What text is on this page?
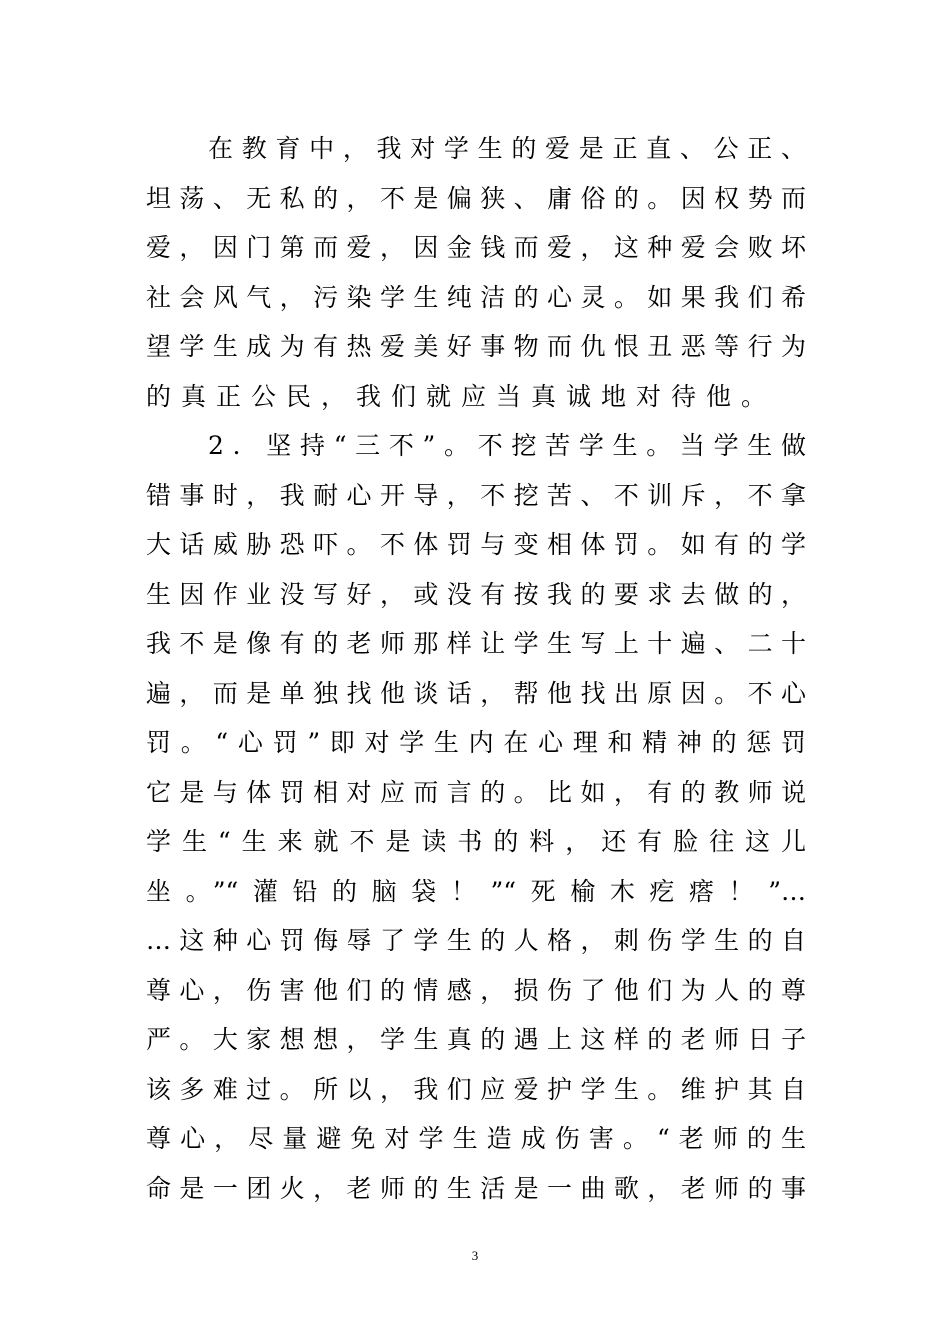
在教育中，我对学生的爱是正直、公正、
坦荡、无私的，不是偏狭、庸俗的。因权势而
爱，因门第而爱，因金钱而爱，这种爱会败坏
社会风气，污染学生纯洁的心灵。如果我们希
望学生成为有热爱美好事物而仇恨丑恶等行为
的真正公民，我们就应当真诚地对待他。
2．坚持“三不”。不挖苦学生。当学生做
错事时，我耐心开导，不挖苦、不训斥，不拿
大话威胁恐吓。不体罚与变相体罚。如有的学
生因作业没写好，或没有按我的要求去做的，
我不是像有的老师那样让学生写上十遍、二十
遍，而是单独找他谈话，帮他找出原因。不心
罚。“心罚”即对学生内在心理和精神的惩罚
它是与体罚相对应而言的。比如，有的教师说
学生“生来就不是读书的料，还有脸往这儿
坐。”“灌铅的脑袋！”“死榆木疙瘩！”…
…这种心罚侮辱了学生的人格，刺伤学生的自
尊心，伤害他们的情感，损伤了他们为人的尊
严。大家想想，学生真的遇上这样的老师日子
该多难过。所以，我们应爱护学生。维护其自
尊心，尽量避免对学生造成伤害。“老师的生
命是一团火，老师的生活是一曲歌，老师的事
3
